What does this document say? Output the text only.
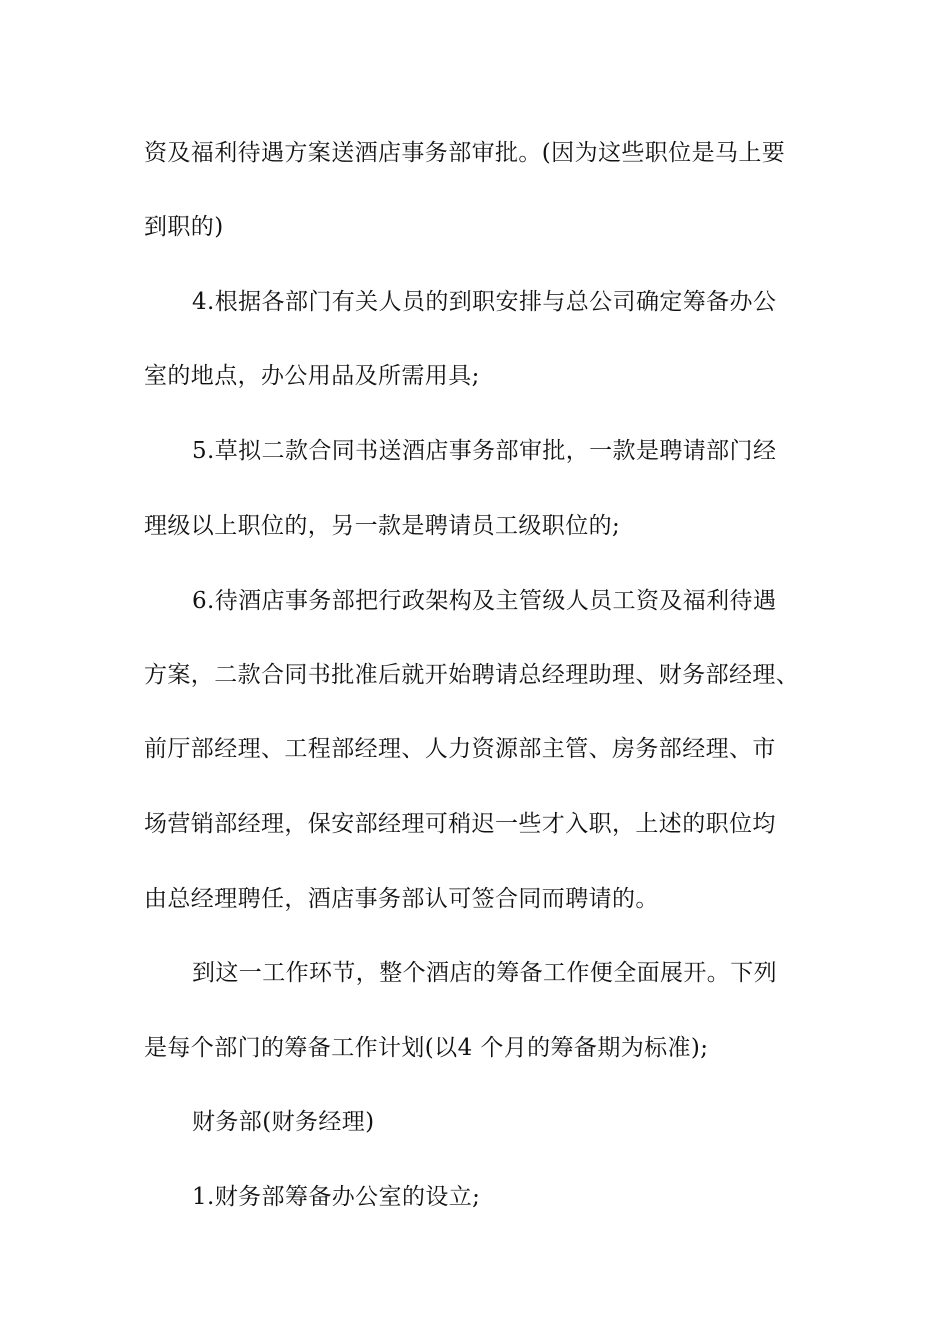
资及福利待遇方案送酒店事务部审批。(因为这些职位是马上要
到职的)
4.根据各部门有关人员的到职安排与总公司确定筹备办公
室的地点，办公用品及所需用具;
5.草拟二款合同书送酒店事务部审批，一款是聘请部门经
理级以上职位的，另一款是聘请员工级职位的;
6.待酒店事务部把行政架构及主管级人员工资及福利待遇
方案，二款合同书批准后就开始聘请总经理助理、财务部经理、
前厅部经理、工程部经理、人力资源部主管、房务部经理、市
场营销部经理，保安部经理可稍迟一些才入职，上述的职位均
由总经理聘任，酒店事务部认可签合同而聘请的。
到这一工作环节，整个酒店的筹备工作便全面展开。下列
是每个部门的筹备工作计划(以4 个月的筹备期为标准);
财务部(财务经理)
1.财务部筹备办公室的设立;
